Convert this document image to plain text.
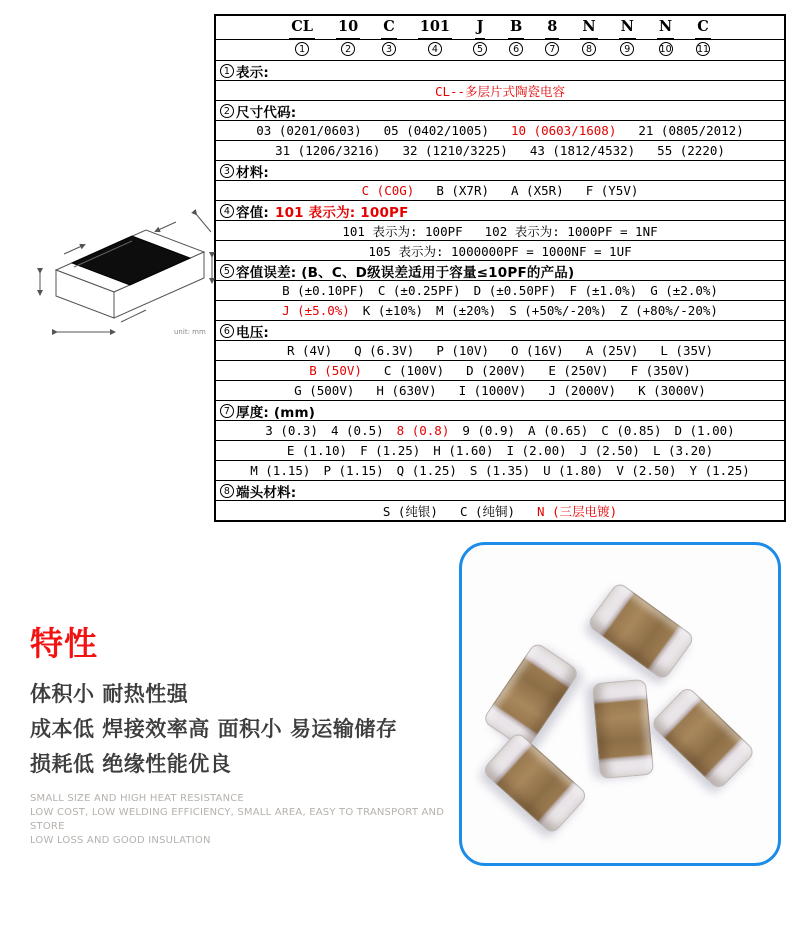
CL
1
10
2
C
3
101
4
J
5
B
6
8
7
N
8
N
9
N
10
C
11
1 表示:
CL--多层片式陶瓷电容
2 尺寸代码:
03 (0201/0603) 05 (0402/1005) 10 (0603/1608) 21 (0805/2012)
31 (1206/3216) 32 (1210/3225) 43 (1812/4532) 55 (2220)
3 材料:
C (C0G) B (X7R) A (X5R) F (Y5V)
4 容值: 101 表示为: 100PF
101 表示为: 100PF 102 表示为: 1000PF = 1NF
105 表示为: 1000000PF = 1000NF = 1UF
5 容值误差: (B、C、D级误差适用于容量≤10PF的产品)
B (±0.10PF) C (±0.25PF) D (±0.50PF) F (±1.0%) G (±2.0%)
J (±5.0%) K (±10%) M (±20%) S (+50%/-20%) Z (+80%/-20%)
6 电压:
R (4V) Q (6.3V) P (10V) O (16V) A (25V) L (35V)
B (50V) C (100V) D (200V) E (250V) F (350V)
G (500V) H (630V) I (1000V) J (2000V) K (3000V)
7 厚度: (mm)
3 (0.3) 4 (0.5) 8 (0.8) 9 (0.9) A (0.65) C (0.85) D (1.00)
E (1.10) F (1.25) H (1.60) I (2.00) J (2.50) L (3.20)
M (1.15) P (1.15) Q (1.25) S (1.35) U (1.80) V (2.50) Y (1.25)
8 端头材料:
S (纯银) C (纯铜) N (三层电镀)
unit: mm
特性
体积小 耐热性强
成本低 焊接效率高 面积小 易运输储存
损耗低 绝缘性能优良
SMALL SIZE AND HIGH HEAT RESISTANCE
LOW COST, LOW WELDING EFFICIENCY, SMALL AREA, EASY TO TRANSPORT AND STORE
LOW LOSS AND GOOD INSULATION
